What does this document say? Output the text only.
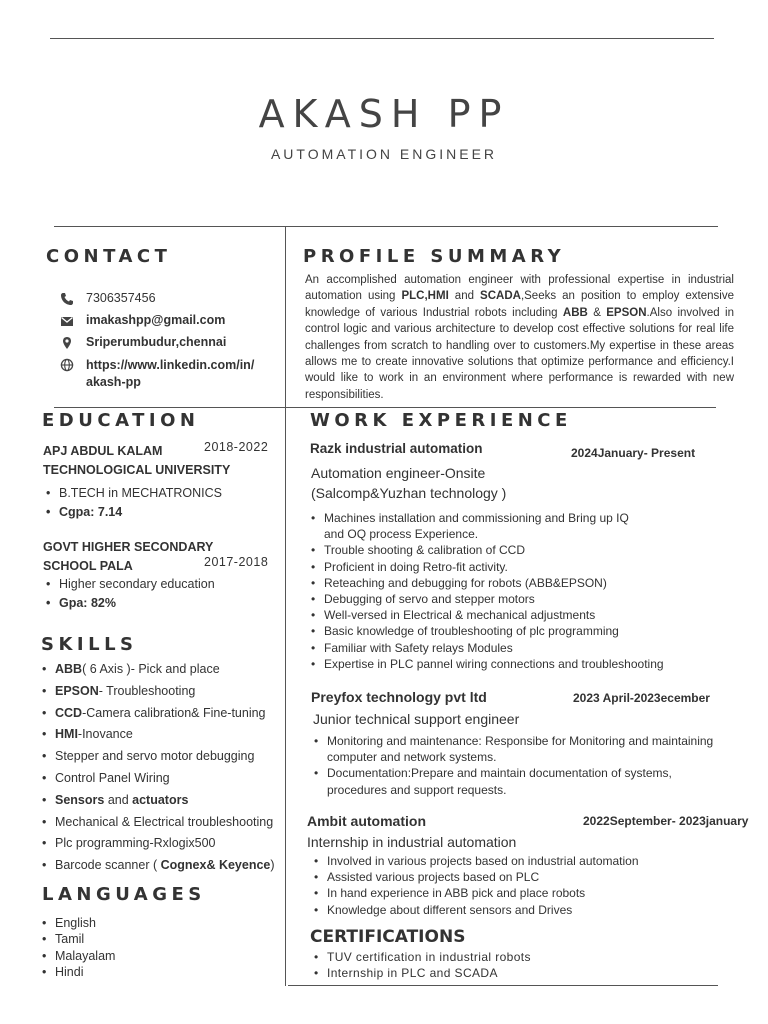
AKASH PP
AUTOMATION ENGINEER
CONTACT
7306357456
imakashpp@gmail.com
Sriperumbudur,chennai
https://www.linkedin.com/in/
akash-pp
PROFILE SUMMARY
An accomplished automation engineer with professional expertise in industrial automation using PLC,HMI and SCADA,Seeks an position to employ extensive knowledge of various Industrial robots including ABB & EPSON.Also involved in control logic and various architecture to develop cost effective solutions for real life challenges from scratch to handling over to customers.My expertise in these areas allows me to create innovative solutions that optimize performance and efficiency.I would like to work in an environment where performance is rewarded with new responsibilities.
EDUCATION
APJ ABDUL KALAM
TECHNOLOGICAL UNIVERSITY
2018-2022
• B.TECH in MECHATRONICS
• Cgpa: 7.14
GOVT HIGHER SECONDARY
SCHOOL PALA	2017-2018
• Higher secondary education
• Gpa: 82%
SKILLS
• ABB( 6 Axis )- Pick and place
• EPSON- Troubleshooting
• CCD-Camera calibration& Fine-tuning
• HMI-Inovance
• Stepper and servo motor debugging
• Control Panel Wiring
• Sensors and actuators
• Mechanical & Electrical troubleshooting
• Plc programming-Rxlogix500
• Barcode scanner ( Cognex& Keyence)
LANGUAGES
• English
• Tamil
• Malayalam
• Hindi
WORK EXPERIENCE
Razk industrial automation	2024January- Present
Automation engineer-Onsite
(Salcomp&Yuzhan technology )
• Machines installation and commissioning and Bring up IQ
and OQ process Experience.
• Trouble shooting & calibration of CCD
• Proficient in doing Retro-fit activity.
• Reteaching and debugging for robots (ABB&EPSON)
• Debugging of servo and stepper motors
• Well-versed in Electrical & mechanical adjustments
• Basic knowledge of troubleshooting of plc programming
• Familiar with Safety relays Modules
• Expertise in PLC pannel wiring connections and troubleshooting
Preyfox technology pvt ltd	2023 April-2023ecember
Junior technical support engineer
• Monitoring and maintenance: Responsibe for Monitoring and maintaining
computer and network systems.
• Documentation:Prepare and maintain documentation of systems,
procedures and support requests.
Ambit automation	2022September- 2023january
Internship in industrial automation
• Involved in various projects based on industrial automation
• Assisted various projects based on PLC
• In hand experience in ABB pick and place robots
• Knowledge about different sensors and Drives
CERTIFICATIONS
• TUV certification in industrial robots
• Internship in PLC and SCADA
